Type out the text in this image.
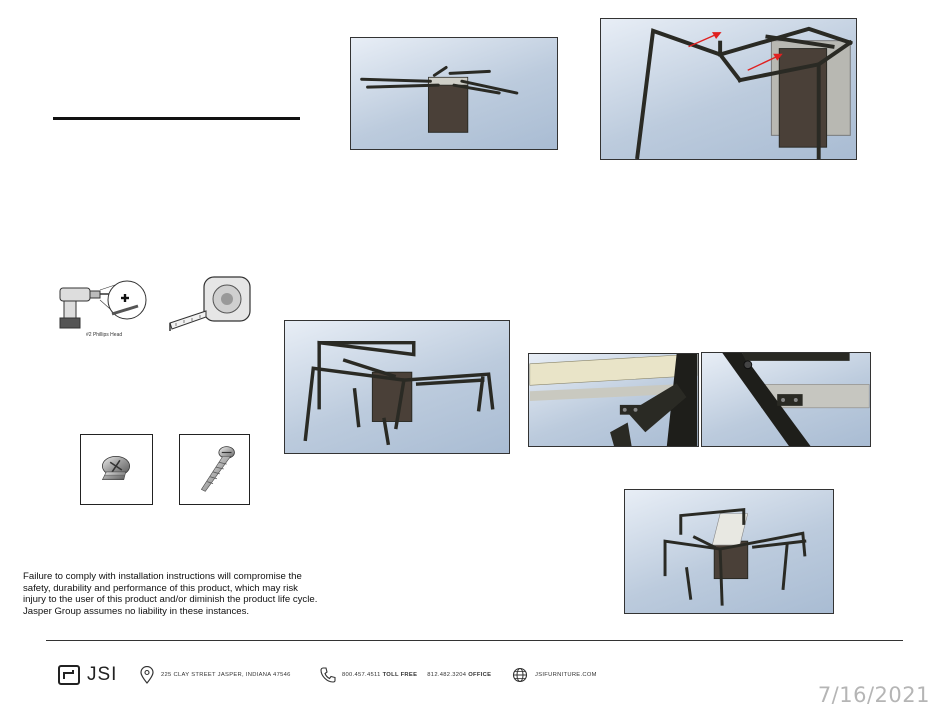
#2 Phillips Head
Failure to comply with installation instructions will compromise the safety, durability and performance of this product, which may risk injury to the user of this product and/or diminish the product life cycle. Jasper Group assumes no liability in these instances.
JSI	225 CLAY STREET JASPER, INDIANA 47546	800.457.4511 TOLL FREE 812.482.3204 OFFICE	JSIFURNITURE.COM
7/16/2021
